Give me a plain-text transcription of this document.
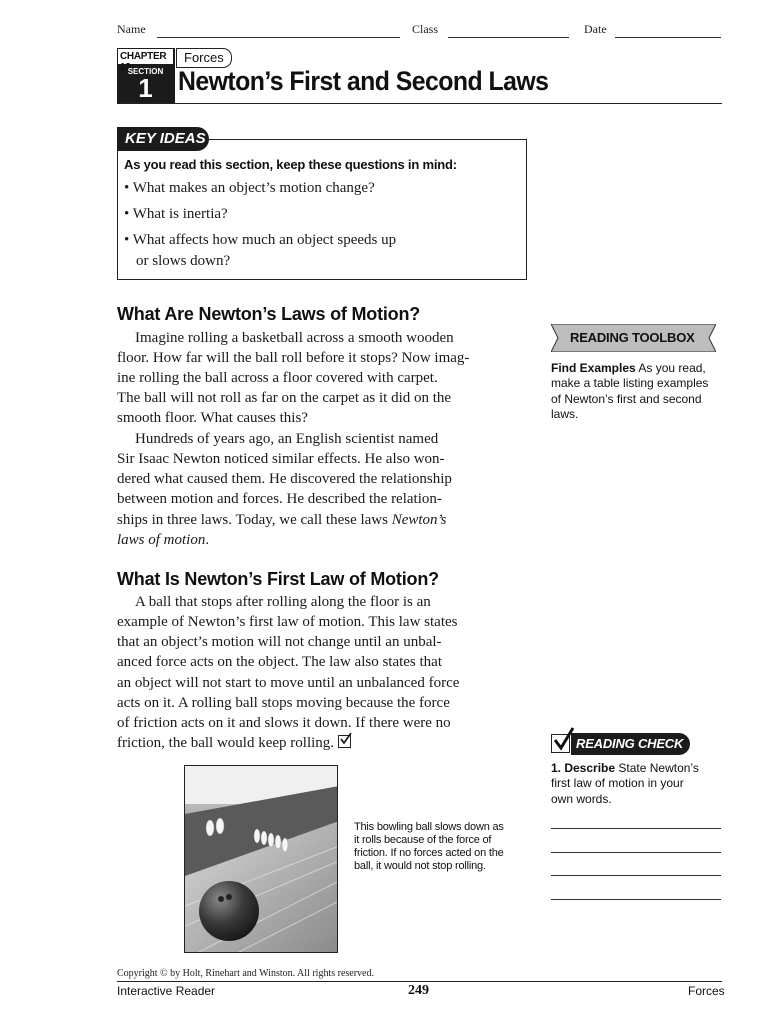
Name	Class	Date
CHAPTER 12
SECTION
1
Forces
Newton’s First and Second Laws
KEY IDEAS
As you read this section, keep these questions in mind:
• What makes an object’s motion change?
• What is inertia?
• What affects how much an object speeds up
or slows down?
What Are Newton’s Laws of Motion?
Imagine rolling a basketball across a smooth wooden
floor. How far will the ball roll before it stops? Now imag-
ine rolling the ball across a floor covered with carpet.
The ball will not roll as far on the carpet as it did on the
smooth floor. What causes this?
Hundreds of years ago, an English scientist named
Sir Isaac Newton noticed similar effects. He also won-
dered what caused them. He discovered the relationship
between motion and forces. He described the relation-
ships in three laws. Today, we call these laws Newton’s
laws of motion.
What Is Newton’s First Law of Motion?
A ball that stops after rolling along the floor is an
example of Newton’s first law of motion. This law states
that an object’s motion will not change until an unbal-
anced force acts on the object. The law also states that
an object will not start to move until an unbalanced force
acts on it. A rolling ball stops moving because the force
of friction acts on it and slows it down. If there were no
friction, the ball would keep rolling.
READING TOOLBOX
Find Examples As you read,
make a table listing examples
of Newton’s first and second
laws.
READING CHECK
1. Describe State Newton’s
first law of motion in your
own words.
This bowling ball slows down as
it rolls because of the force of
friction. If no forces acted on the
ball, it would not stop rolling.
Copyright © by Holt, Rinehart and Winston. All rights reserved.
Interactive Reader	249	Forces
